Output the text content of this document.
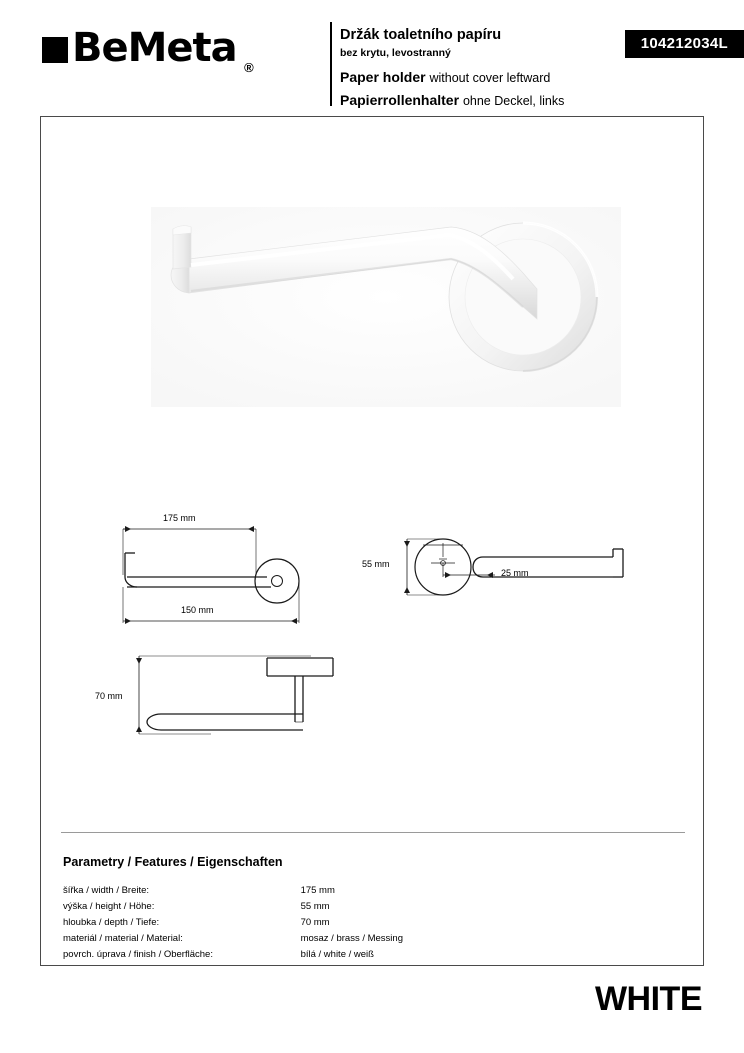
BeMeta ®
Držák toaletního papíru
bez krytu, levostranný
Paper holder without cover leftward
Papierrollenhalter ohne Deckel, links
104212034L
175 mm
150 mm
55 mm
25 mm
70 mm
Parametry / Features / Eigenschaften
šířka / width / Breite:	175 mm
výška / height / Höhe:	55 mm
hloubka / depth / Tiefe:	70 mm
materiál / material / Material:	mosaz / brass / Messing
povrch. úprava / finish / Oberfläche:	bílá / white / weiß
WHITE
